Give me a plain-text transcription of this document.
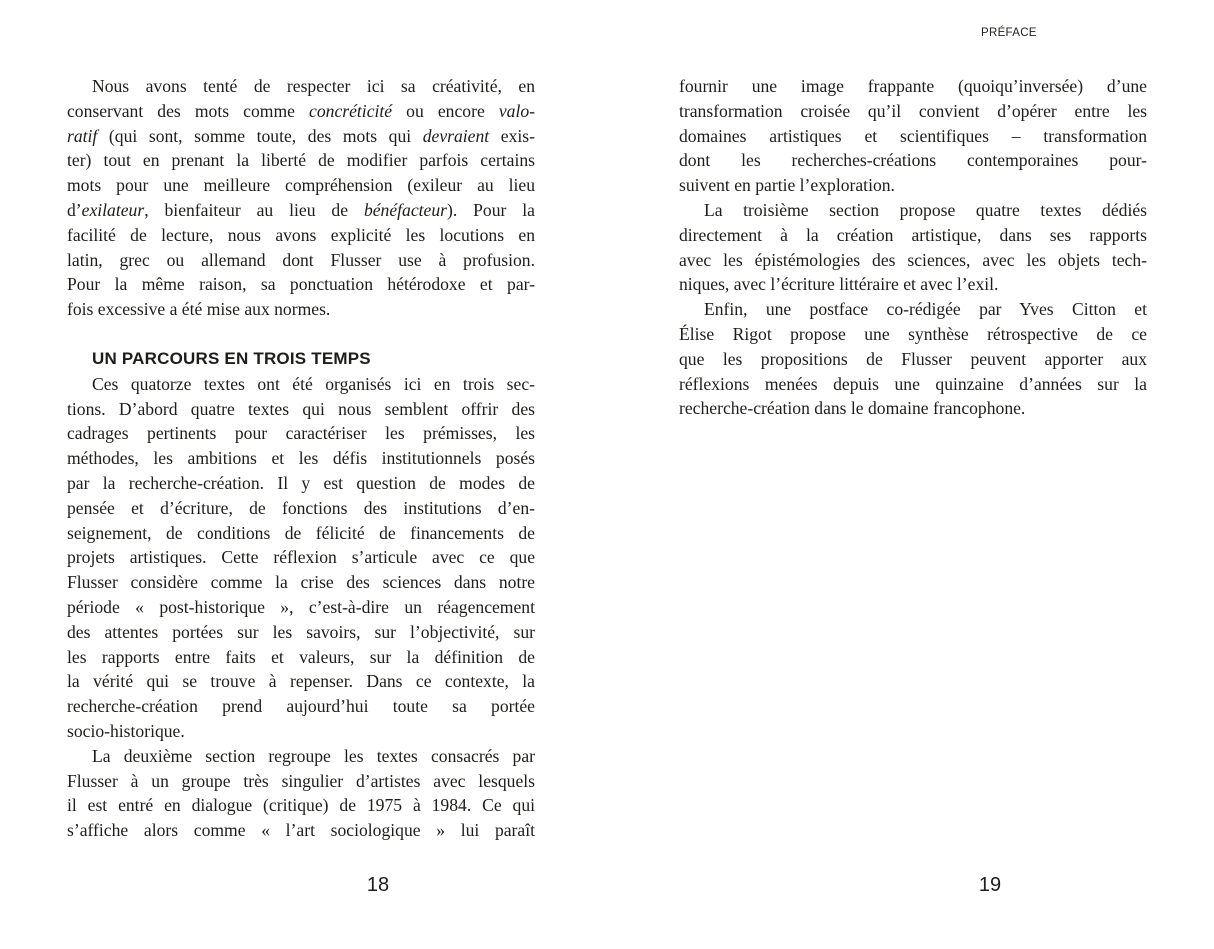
PRÉFACE
Nous avons tenté de respecter ici sa créativité, en
conservant des mots comme concréticité ou encore valo-
ratif (qui sont, somme toute, des mots qui devraient exis-
ter) tout en prenant la liberté de modifier parfois certains
mots pour une meilleure compréhension (exileur au lieu
d’exilateur, bienfaiteur au lieu de bénéfacteur). Pour la
facilité de lecture, nous avons explicité les locutions en
latin, grec ou allemand dont Flusser use à profusion.
Pour la même raison, sa ponctuation hétérodoxe et par-
fois excessive a été mise aux normes.
UN PARCOURS EN TROIS TEMPS
Ces quatorze textes ont été organisés ici en trois sec-
tions. D’abord quatre textes qui nous semblent offrir des
cadrages pertinents pour caractériser les prémisses, les
méthodes, les ambitions et les défis institutionnels posés
par la recherche-création. Il y est question de modes de
pensée et d’écriture, de fonctions des institutions d’en-
seignement, de conditions de félicité de financements de
projets artistiques. Cette réflexion s’articule avec ce que
Flusser considère comme la crise des sciences dans notre
période « post-historique », c’est-à-dire un réagencement
des attentes portées sur les savoirs, sur l’objectivité, sur
les rapports entre faits et valeurs, sur la définition de
la vérité qui se trouve à repenser. Dans ce contexte, la
recherche-création prend aujourd’hui toute sa portée
socio-historique.
La deuxième section regroupe les textes consacrés par
Flusser à un groupe très singulier d’artistes avec lesquels
il est entré en dialogue (critique) de 1975 à 1984. Ce qui
s’affiche alors comme « l’art sociologique » lui paraît
fournir une image frappante (quoiqu’inversée) d’une
transformation croisée qu’il convient d’opérer entre les
domaines artistiques et scientifiques – transformation
dont les recherches-créations contemporaines pour-
suivent en partie l’exploration.
La troisième section propose quatre textes dédiés
directement à la création artistique, dans ses rapports
avec les épistémologies des sciences, avec les objets tech-
niques, avec l’écriture littéraire et avec l’exil.
Enfin, une postface co-rédigée par Yves Citton et
Élise Rigot propose une synthèse rétrospective de ce
que les propositions de Flusser peuvent apporter aux
réflexions menées depuis une quinzaine d’années sur la
recherche-création dans le domaine francophone.
18	19
